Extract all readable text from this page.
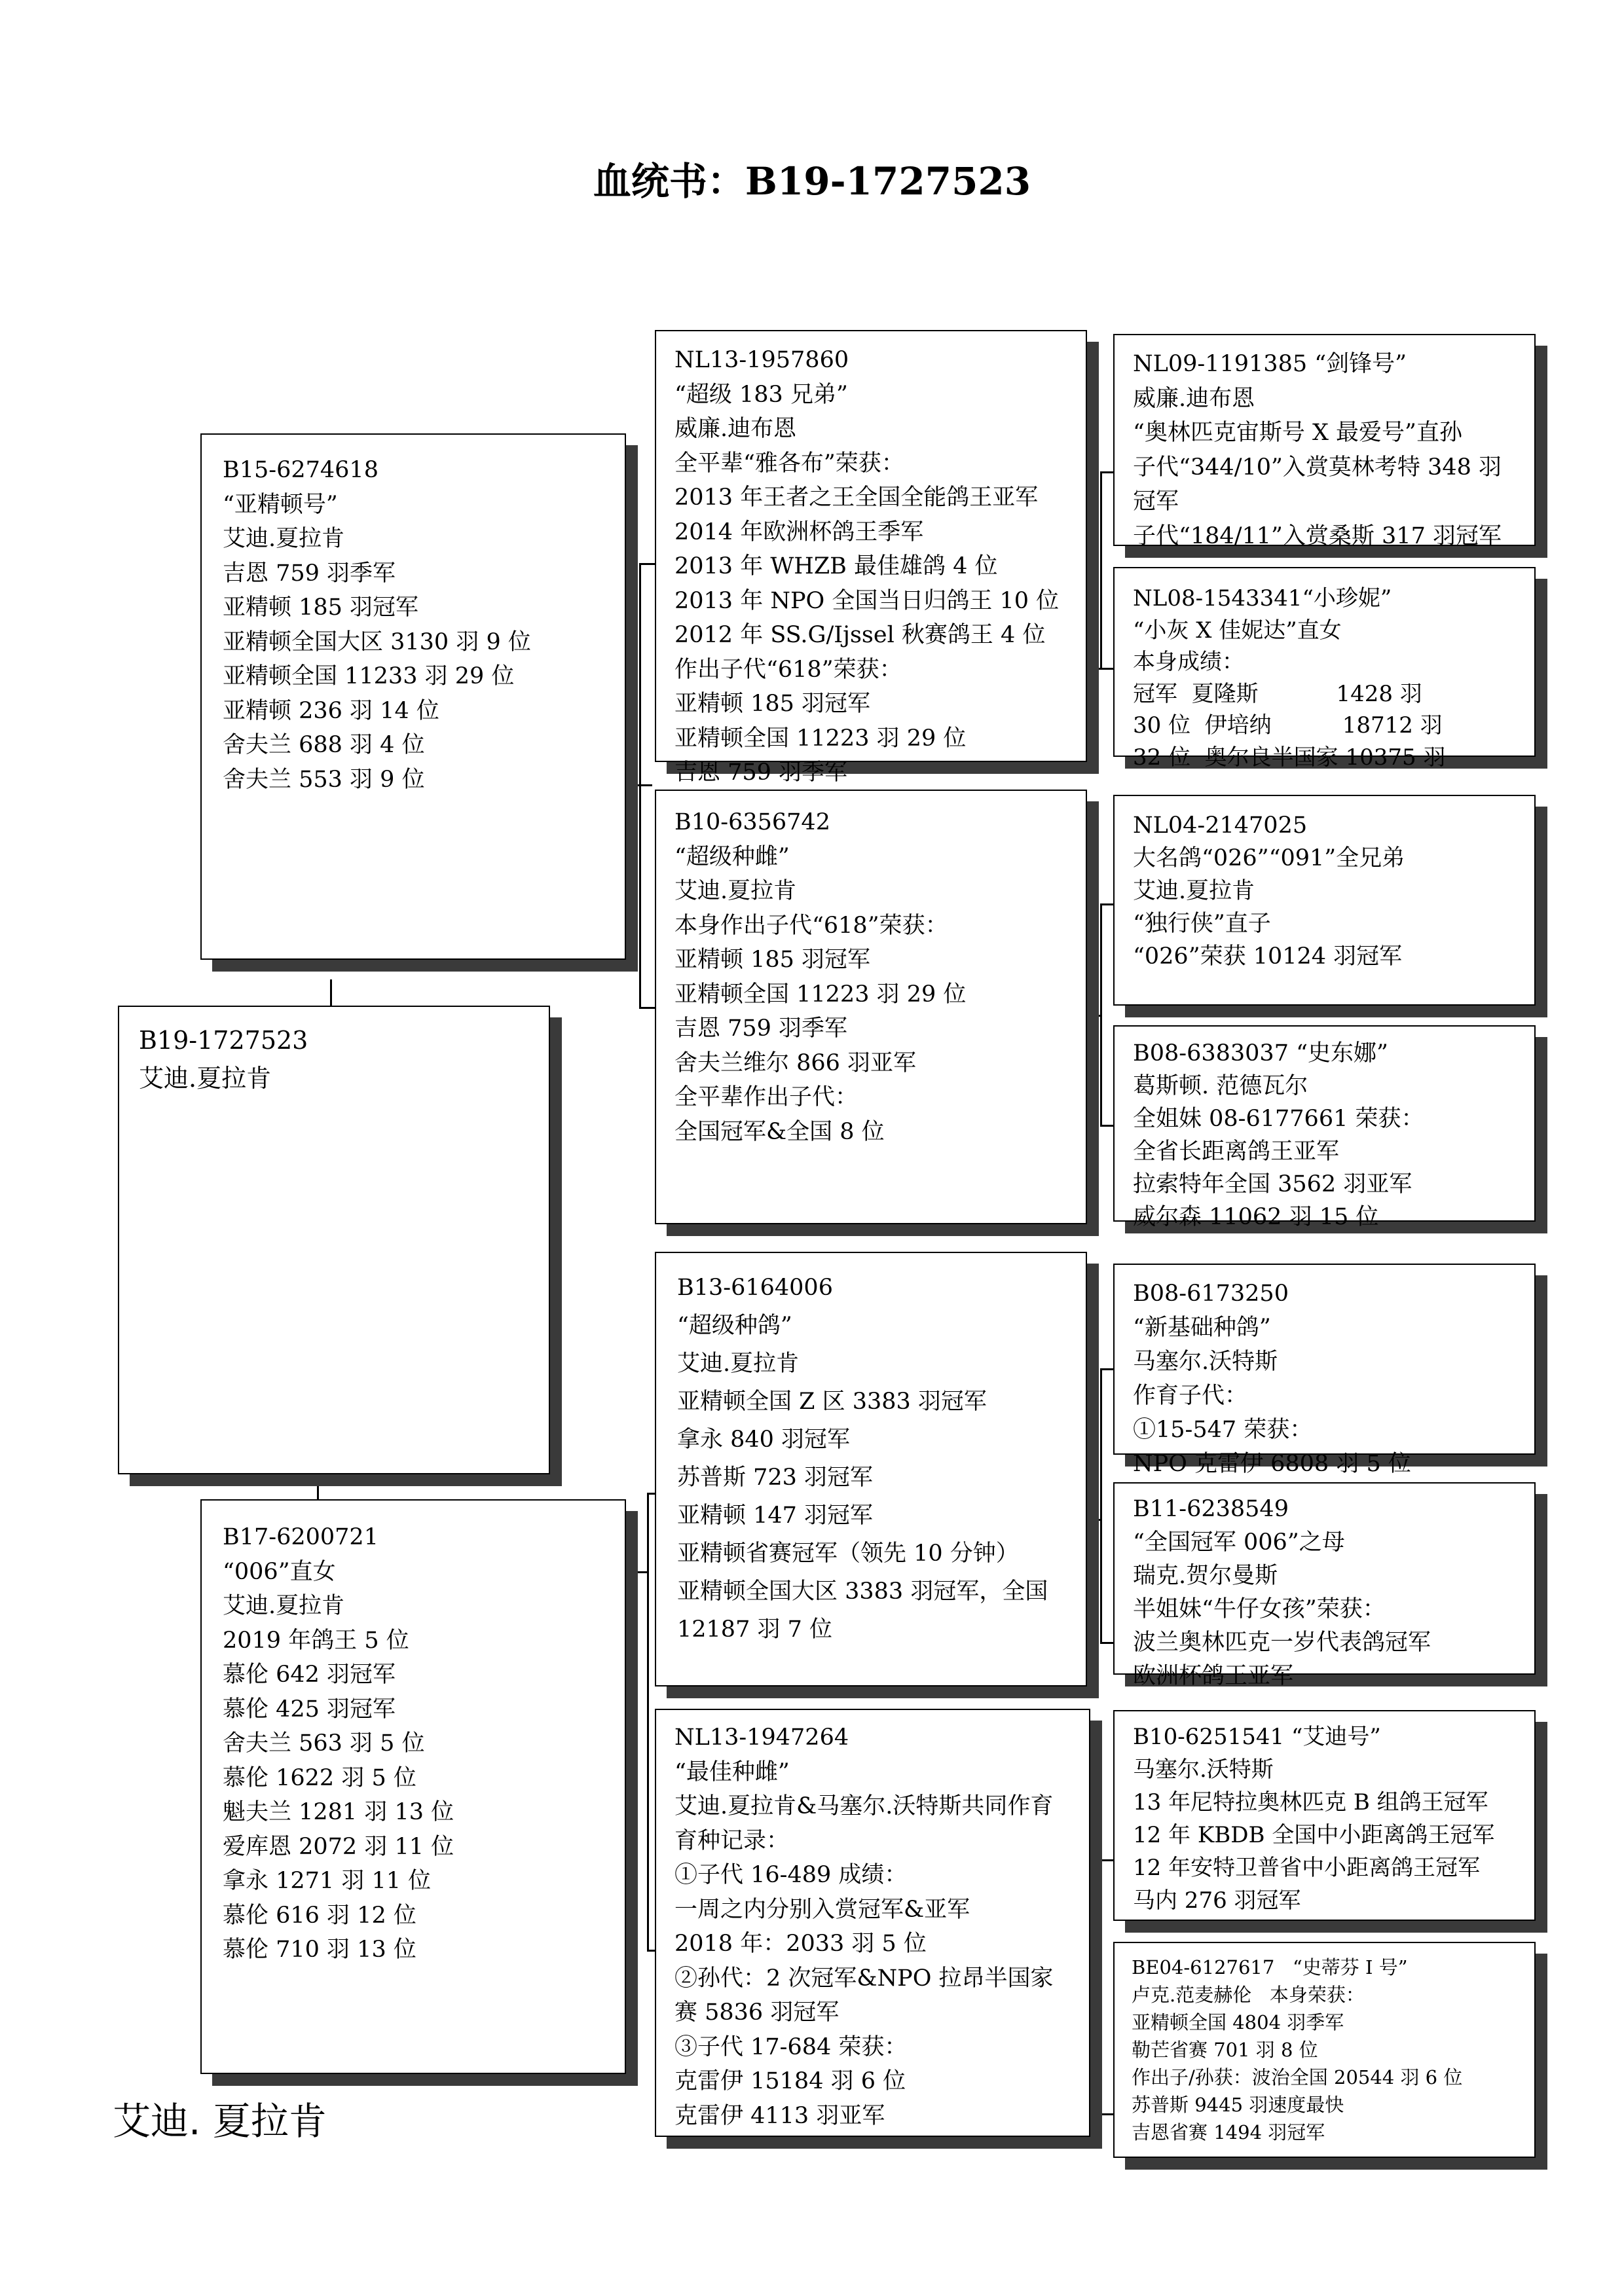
血统书：B19-1727523
B19-1727523
艾迪.夏拉肯
B15-6274618
“亚精顿号”
艾迪.夏拉肯
吉恩 759 羽季军
亚精顿 185 羽冠军
亚精顿全国大区 3130 羽 9 位
亚精顿全国 11233 羽 29 位
亚精顿 236 羽 14 位
舍夫兰 688 羽 4 位
舍夫兰 553 羽 9 位
B17-6200721
“006”直女
艾迪.夏拉肯
2019 年鸽王 5 位
慕伦 642 羽冠军
慕伦 425 羽冠军
舍夫兰 563 羽 5 位
慕伦 1622 羽 5 位
魁夫兰 1281 羽 13 位
爱库恩 2072 羽 11 位
拿永 1271 羽 11 位
慕伦 616 羽 12 位
慕伦 710 羽 13 位
NL13-1957860
“超级 183 兄弟”
威廉.迪布恩
全平辈“雅各布”荣获：
2013 年王者之王全国全能鸽王亚军
2014 年欧洲杯鸽王季军
2013 年 WHZB 最佳雄鸽 4 位
2013 年 NPO 全国当日归鸽王 10 位
2012 年 SS.G/Ijssel 秋赛鸽王 4 位
作出子代“618”荣获：
亚精顿 185 羽冠军
亚精顿全国 11223 羽 29 位
吉恩 759 羽季军
B10-6356742
“超级种雌”
艾迪.夏拉肯
本身作出子代“618”荣获：
亚精顿 185 羽冠军
亚精顿全国 11223 羽 29 位
吉恩 759 羽季军
舍夫兰维尔 866 羽亚军
全平辈作出子代：
全国冠军&全国 8 位
B13-6164006
“超级种鸽”
艾迪.夏拉肯
亚精顿全国 Z 区 3383 羽冠军
拿永 840 羽冠军
苏普斯 723 羽冠军
亚精顿 147 羽冠军
亚精顿省赛冠军（领先 10 分钟）
亚精顿全国大区 3383 羽冠军，全国
12187 羽 7 位
NL13-1947264
“最佳种雌”
艾迪.夏拉肯&马塞尔.沃特斯共同作育
育种记录：
①子代 16-489 成绩：
一周之内分别入赏冠军&亚军
2018 年：2033 羽 5 位
②孙代：2 次冠军&NPO 拉昂半国家赛 5836 羽冠军
③子代 17-684 荣获：
克雷伊 15184 羽 6 位
克雷伊 4113 羽亚军
NL09-1191385 “剑锋号”
威廉.迪布恩
“奥林匹克宙斯号 X 最爱号”直孙
子代“344/10”入赏莫林考特 348 羽冠军
子代“184/11”入赏桑斯 317 羽冠军
NL08-1543341“小珍妮”
“小灰 X 佳妮达”直女
本身成绩：
冠军  夏隆斯           1428 羽
30 位  伊培纳          18712 羽
32 位  奥尔良半国家 10375 羽
NL04-2147025
大名鸽“026”“091”全兄弟
艾迪.夏拉肯
“独行侠”直子
“026”荣获 10124 羽冠军
B08-6383037 “史东娜”
葛斯顿. 范德瓦尔
全姐妹 08-6177661 荣获：
全省长距离鸽王亚军
拉索特年全国 3562 羽亚军
威尔森 11062 羽 15 位
B08-6173250
“新基础种鸽”
马塞尔.沃特斯
作育子代：
①15-547 荣获：
NPO 克雷伊 6808 羽 5 位
B11-6238549
“全国冠军 006”之母
瑞克.贺尔曼斯
半姐妹“牛仔女孩”荣获：
波兰奥林匹克一岁代表鸽冠军
欧洲杯鸽王亚军
B10-6251541 “艾迪号”
马塞尔.沃特斯
13 年尼特拉奥林匹克 B 组鸽王冠军
12 年 KBDB 全国中小距离鸽王冠军
12 年安特卫普省中小距离鸽王冠军
马内 276 羽冠军
BE04-6127617   “史蒂芬 I 号”
卢克.范麦赫伦   本身荣获：
亚精顿全国 4804 羽季军
勒芒省赛 701 羽 8 位
作出子/孙获：波治全国 20544 羽 6 位
苏普斯 9445 羽速度最快
吉恩省赛 1494 羽冠军
艾迪. 夏拉肯
